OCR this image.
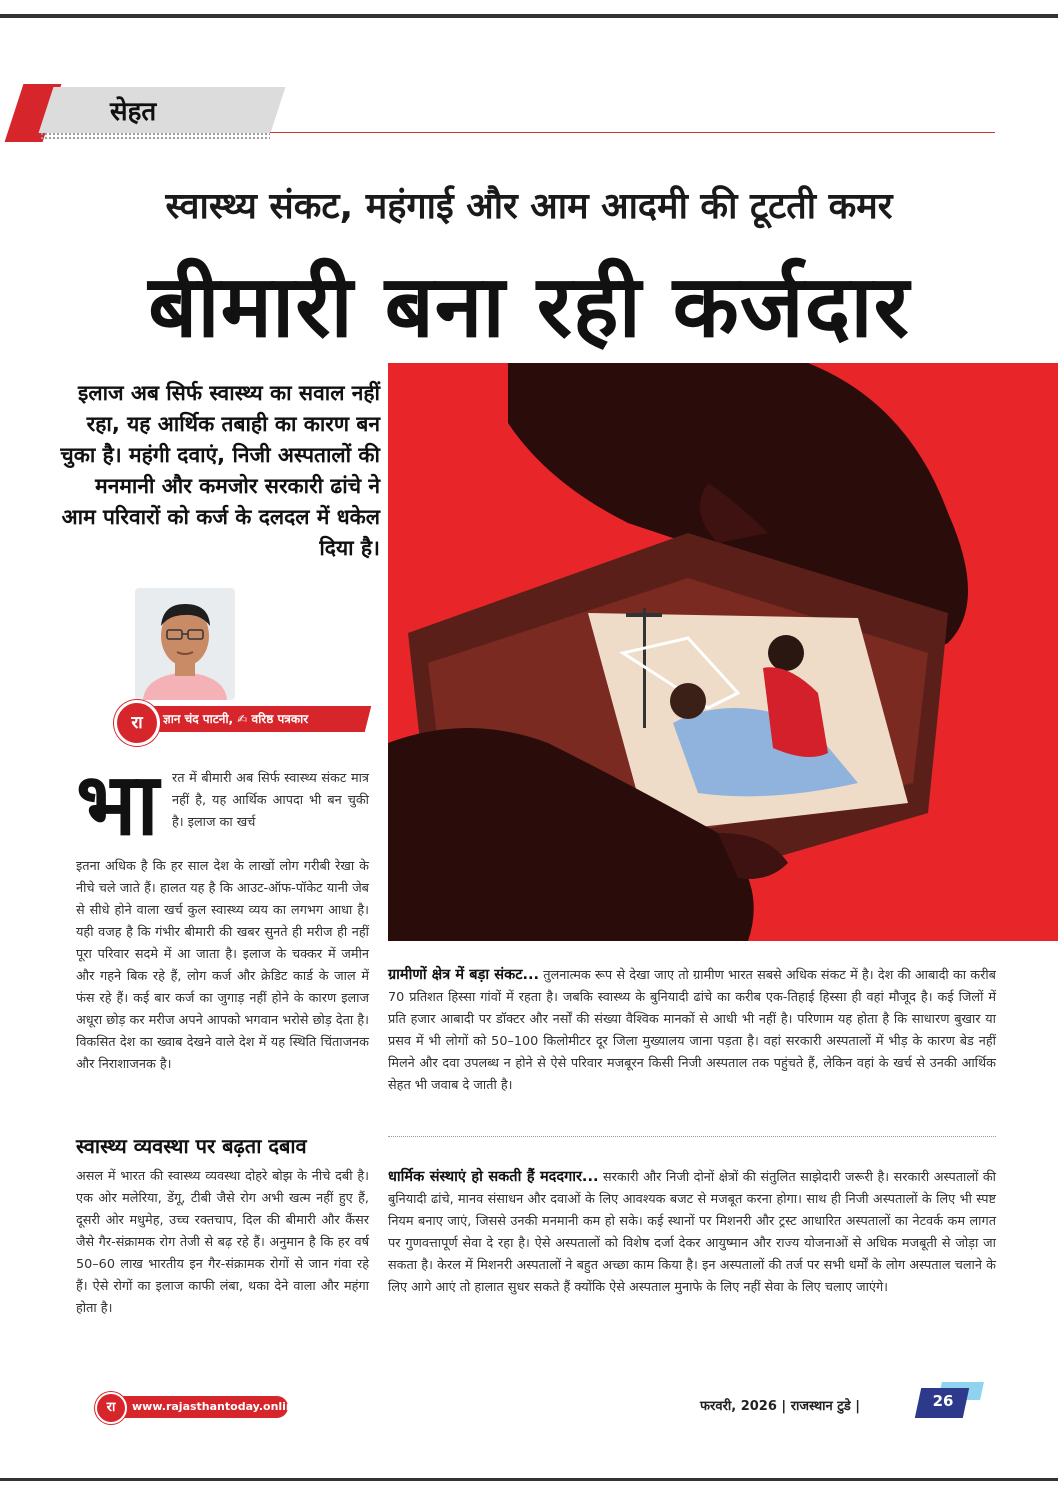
सेहत
स्वास्थ्य संकट, महंगाई और आम आदमी की टूटती कमर
बीमारी बना रही कर्जदार
इलाज अब सिर्फ स्वास्थ्य का सवाल नहीं रहा, यह आर्थिक तबाही का कारण बन चुका है। महंगी दवाएं, निजी अस्पतालों की मनमानी और कमजोर सरकारी ढांचे ने आम परिवारों को कर्ज के दलदल में धकेल दिया है।
रा	ज्ञान चंद पाटनी, ✍ वरिष्ठ पत्रकार
भा रत में बीमारी अब सिर्फ स्वास्थ्य संकट मात्र नहीं है, यह आर्थिक आपदा भी बन चुकी है। इलाज का खर्च
इतना अधिक है कि हर साल देश के लाखों लोग गरीबी रेखा के नीचे चले जाते हैं। हालत यह है कि आउट-ऑफ-पॉकेट यानी जेब से सीधे होने वाला खर्च कुल स्वास्थ्य व्यय का लगभग आधा है। यही वजह है कि गंभीर बीमारी की खबर सुनते ही मरीज ही नहीं पूरा परिवार सदमे में आ जाता है। इलाज के चक्कर में जमीन और गहने बिक रहे हैं, लोग कर्ज और क्रेडिट कार्ड के जाल में फंस रहे हैं। कई बार कर्ज का जुगाड़ नहीं होने के कारण इलाज अधूरा छोड़ कर मरीज अपने आपको भगवान भरोसे छोड़ देता है। विकसित देश का ख्वाब देखने वाले देश में यह स्थिति चिंताजनक और निराशाजनक है।
स्वास्थ्य व्यवस्था पर बढ़ता दबाव
असल में भारत की स्वास्थ्य व्यवस्था दोहरे बोझ के नीचे दबी है। एक ओर मलेरिया, डेंगू, टीबी जैसे रोग अभी खत्म नहीं हुए हैं, दूसरी ओर मधुमेह, उच्च रक्तचाप, दिल की बीमारी और कैंसर जैसे गैर-संक्रामक रोग तेजी से बढ़ रहे हैं। अनुमान है कि हर वर्ष 50–60 लाख भारतीय इन गैर-संक्रामक रोगों से जान गंवा रहे हैं। ऐसे रोगों का इलाज काफी लंबा, थका देने वाला और महंगा होता है।
ग्रामीणों क्षेत्र में बड़ा संकट... तुलनात्मक रूप से देखा जाए तो ग्रामीण भारत सबसे अधिक संकट में है। देश की आबादी का करीब 70 प्रतिशत हिस्सा गांवों में रहता है। जबकि स्वास्थ्य के बुनियादी ढांचे का करीब एक-तिहाई हिस्सा ही वहां मौजूद है। कई जिलों में प्रति हजार आबादी पर डॉक्टर और नर्सों की संख्या वैश्विक मानकों से आधी भी नहीं है। परिणाम यह होता है कि साधारण बुखार या प्रसव में भी लोगों को 50–100 किलोमीटर दूर जिला मुख्यालय जाना पड़ता है। वहां सरकारी अस्पतालों में भीड़ के कारण बेड नहीं मिलने और दवा उपलब्ध न होने से ऐसे परिवार मजबूरन किसी निजी अस्पताल तक पहुंचते हैं, लेकिन वहां के खर्च से उनकी आर्थिक सेहत भी जवाब दे जाती है।
धार्मिक संस्थाएं हो सकती हैं मददगार... सरकारी और निजी दोनों क्षेत्रों की संतुलित साझेदारी जरूरी है। सरकारी अस्पतालों की बुनियादी ढांचे, मानव संसाधन और दवाओं के लिए आवश्यक बजट से मजबूत करना होगा। साथ ही निजी अस्पतालों के लिए भी स्पष्ट नियम बनाए जाएं, जिससे उनकी मनमानी कम हो सके। कई स्थानों पर मिशनरी और ट्रस्ट आधारित अस्पतालों का नेटवर्क कम लागत पर गुणवत्तापूर्ण सेवा दे रहा है। ऐसे अस्पतालों को विशेष दर्जा देकर आयुष्मान और राज्य योजनाओं से अधिक मजबूती से जोड़ा जा सकता है। केरल में मिशनरी अस्पतालों ने बहुत अच्छा काम किया है। इन अस्पतालों की तर्ज पर सभी धर्मों के लोग अस्पताल चलाने के लिए आगे आएं तो हालात सुधर सकते हैं क्योंकि ऐसे अस्पताल मुनाफे के लिए नहीं सेवा के लिए चलाए जाएंगे।
www.rajasthantoday.online
रा	फरवरी, 2026 | राजस्थान टुडे |	26
